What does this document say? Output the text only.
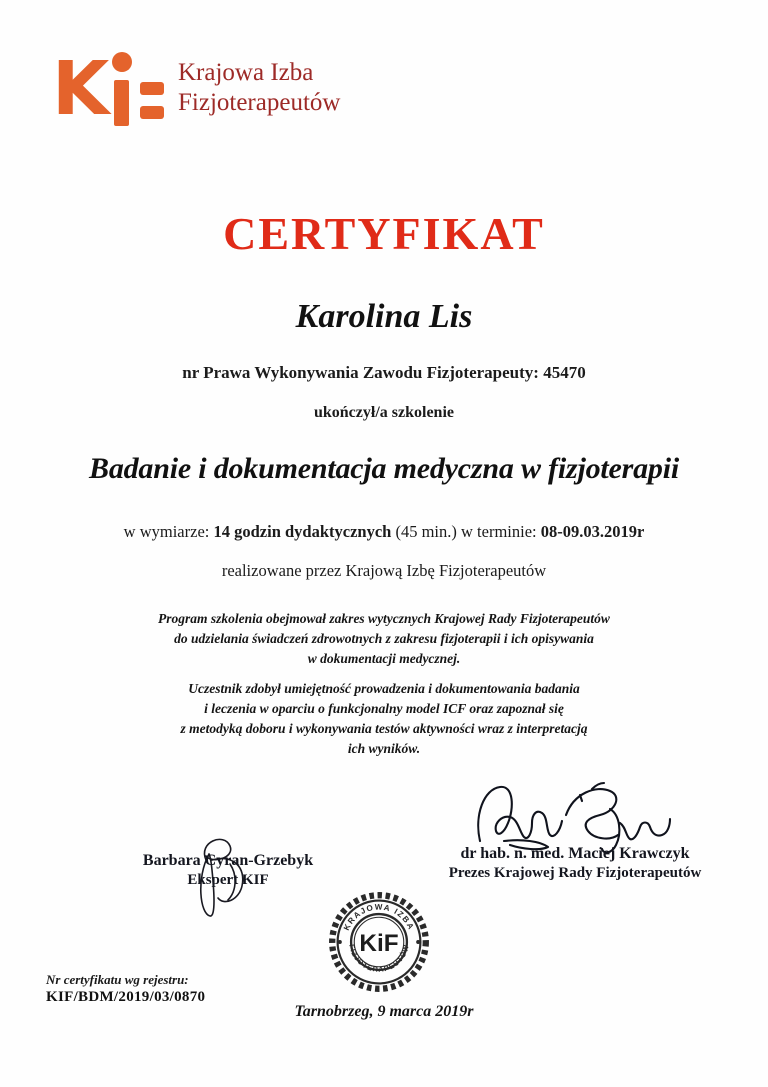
K	Krajowa Izba
Fizjoterapeutów
CERTYFIKAT
Karolina Lis
nr Prawa Wykonywania Zawodu Fizjoterapeuty: 45470
ukończył/a szkolenie
Badanie i dokumentacja medyczna w fizjoterapii
w wymiarze: 14 godzin dydaktycznych (45 min.) w terminie: 08-09.03.2019r
realizowane przez Krajową Izbę Fizjoterapeutów
Program szkolenia obejmował zakres wytycznych Krajowej Rady Fizjoterapeutów
do udzielania świadczeń zdrowotnych z zakresu fizjoterapii i ich opisywania
w dokumentacji medycznej.
Uczestnik zdobył umiejętność prowadzenia i dokumentowania badania
i leczenia w oparciu o funkcjonalny model ICF oraz zapoznał się
z metodyką doboru i wykonywania testów aktywności wraz z interpretacją
ich wyników.
Barbara Cyran-Grzebyk
Ekspert KIF
dr hab. n. med. Maciej Krawczyk
Prezes Krajowej Rady Fizjoterapeutów
KRAJOWA IZBA
FIZJOTERAPEUTÓW
KiF
Nr certyfikatu wg rejestru:
KIF/BDM/2019/03/0870
Tarnobrzeg, 9 marca 2019r
